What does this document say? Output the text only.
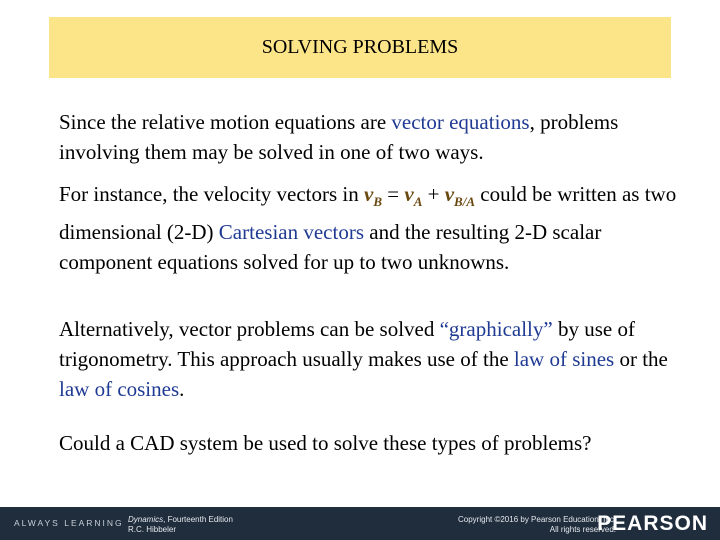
SOLVING PROBLEMS
Since the relative motion equations are vector equations, problems involving them may be solved in one of two ways.
For instance, the velocity vectors in $v_B = v_A + v_{B/A}$ could be written as two dimensional (2-D) Cartesian vectors and the resulting 2-D scalar component equations solved for up to two unknowns.
Alternatively, vector problems can be solved “graphically” by use of trigonometry. This approach usually makes use of the law of sines or the law of cosines.
Could a CAD system be used to solve these types of problems?
ALWAYS LEARNING Dynamics, Fourteenth Edition
R.C. Hibbeler
Copyright ©2016 by Pearson Education, Inc.
All rights reserved.
PEARSON
